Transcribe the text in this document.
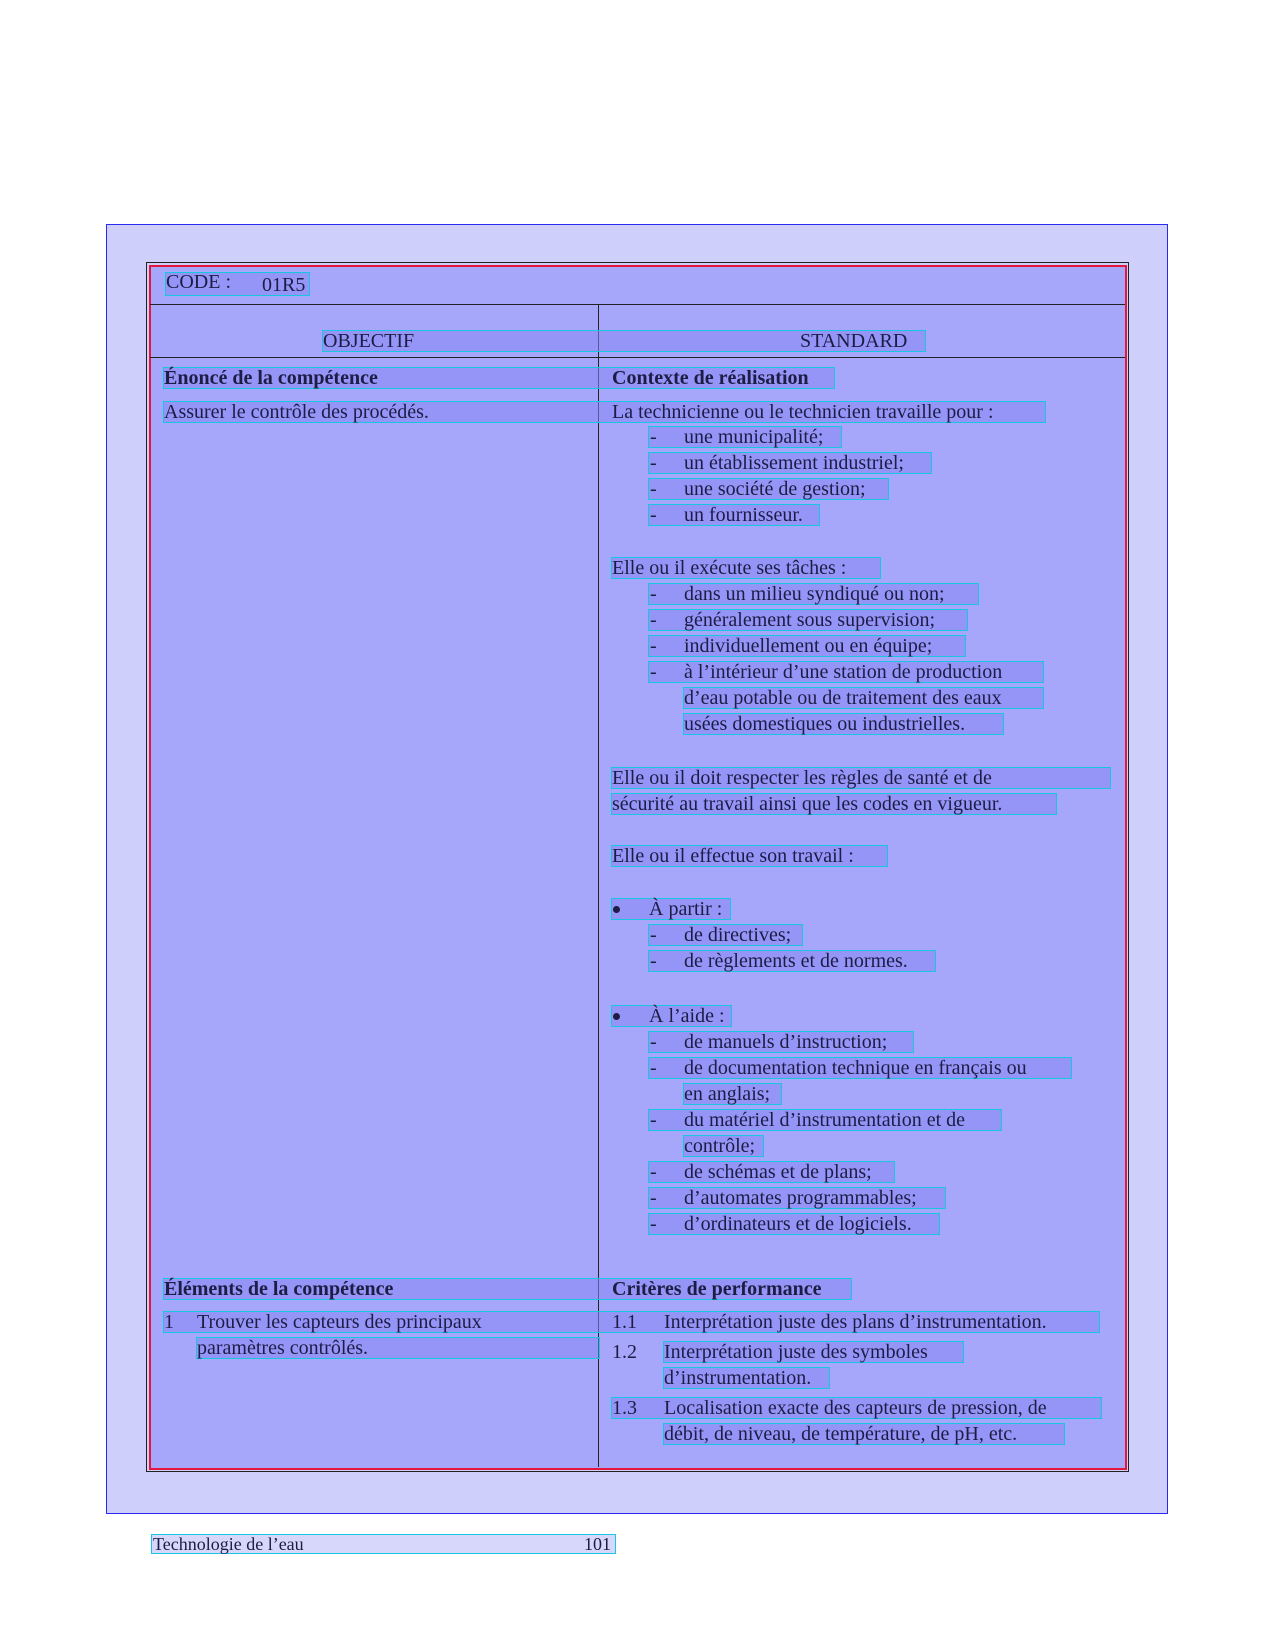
CODE : 01R5
OBJECTIF	STANDARD
Énoncé de la compétence
Assurer le contrôle des procédés.
Éléments de la compétence
1 Trouver les capteurs des principaux
paramètres contrôlés.
Contexte de réalisation
La technicienne ou le technicien travaille pour :
- une municipalité;
- un établissement industriel;
- une société de gestion;
- un fournisseur.
Elle ou il exécute ses tâches :
- dans un milieu syndiqué ou non;
- généralement sous supervision;
- individuellement ou en équipe;
- à l’intérieur d’une station de production
d’eau potable ou de traitement des eaux
usées domestiques ou industrielles.
Elle ou il doit respecter les règles de santé et de
sécurité au travail ainsi que les codes en vigueur.
Elle ou il effectue son travail :
À partir :
- de directives;
- de règlements et de normes.
À l’aide :
- de manuels d’instruction;
- de documentation technique en français ou
en anglais;
- du matériel d’instrumentation et de
contrôle;
- de schémas et de plans;
- d’automates programmables;
- d’ordinateurs et de logiciels.
Critères de performance
1.1 Interprétation juste des plans d’instrumentation.
1.2 Interprétation juste des symboles
d’instrumentation.
1.3 Localisation exacte des capteurs de pression, de
débit, de niveau, de température, de pH, etc.
Technologie de l’eau	101
